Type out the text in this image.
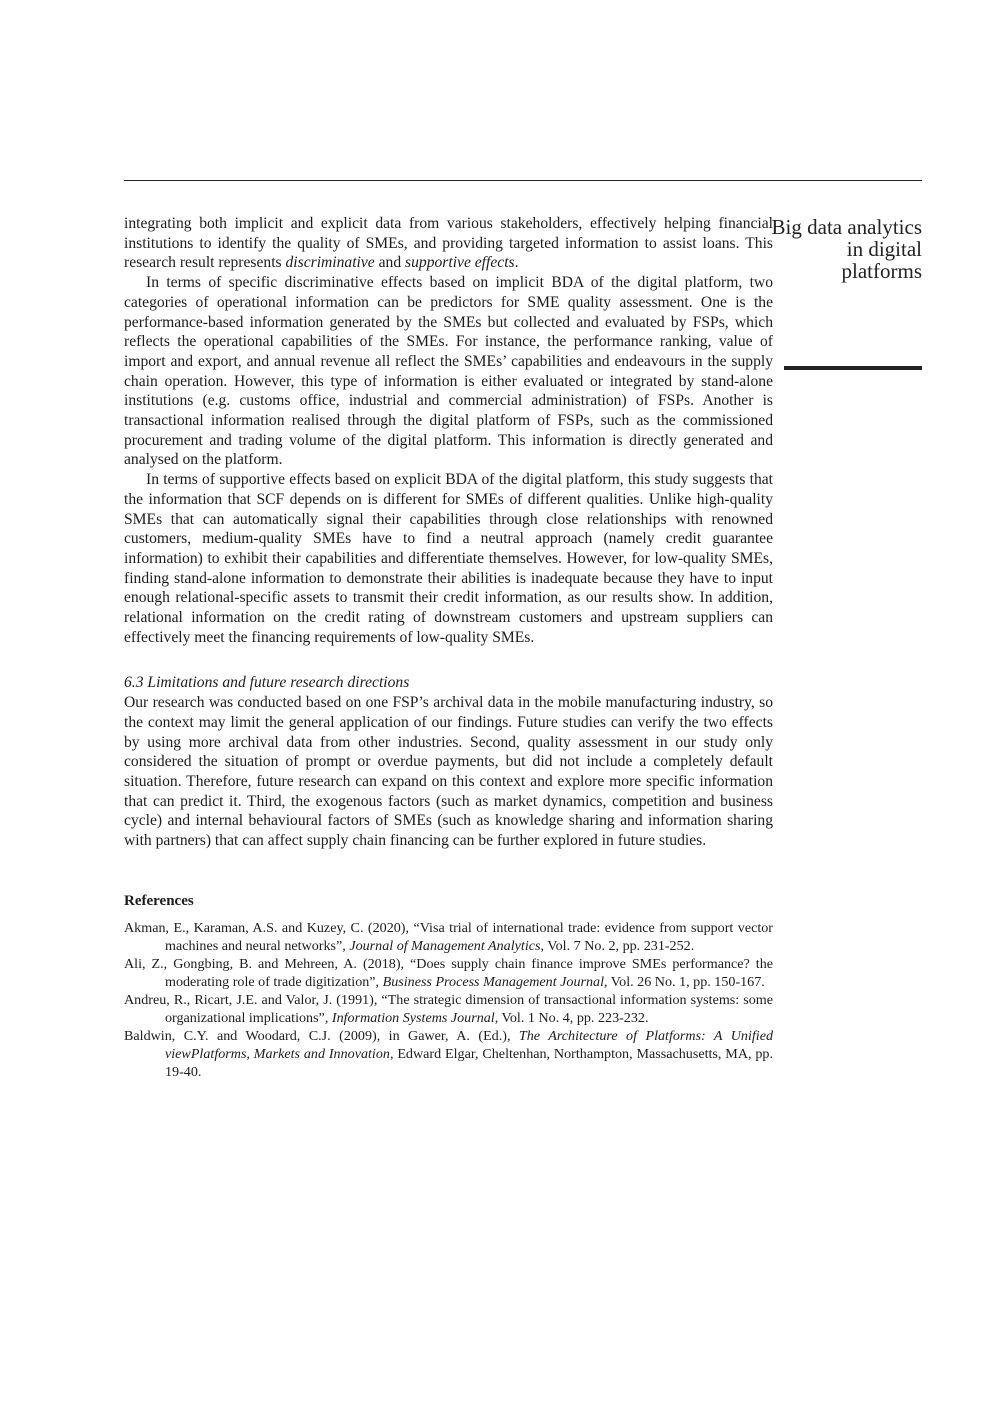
Big data analytics in digital platforms

integrating both implicit and explicit data from various stakeholders, effectively helping financial institutions to identify the quality of SMEs, and providing targeted information to assist loans. This research result represents discriminative and supportive effects.

In terms of specific discriminative effects based on implicit BDA of the digital platform, two categories of operational information can be predictors for SME quality assessment. One is the performance-based information generated by the SMEs but collected and evaluated by FSPs, which reflects the operational capabilities of the SMEs. For instance, the performance ranking, value of import and export, and annual revenue all reflect the SMEs’ capabilities and endeavours in the supply chain operation. However, this type of information is either evaluated or integrated by stand-alone institutions (e.g. customs office, industrial and commercial administration) of FSPs. Another is transactional information realised through the digital platform of FSPs, such as the commissioned procurement and trading volume of the digital platform. This information is directly generated and analysed on the platform.

In terms of supportive effects based on explicit BDA of the digital platform, this study suggests that the information that SCF depends on is different for SMEs of different qualities. Unlike high-quality SMEs that can automatically signal their capabilities through close relationships with renowned customers, medium-quality SMEs have to find a neutral approach (namely credit guarantee information) to exhibit their capabilities and differentiate themselves. However, for low-quality SMEs, finding stand-alone information to demonstrate their abilities is inadequate because they have to input enough relational-specific assets to transmit their credit information, as our results show. In addition, relational information on the credit rating of downstream customers and upstream suppliers can effectively meet the financing requirements of low-quality SMEs.

6.3 Limitations and future research directions

Our research was conducted based on one FSP’s archival data in the mobile manufacturing industry, so the context may limit the general application of our findings. Future studies can verify the two effects by using more archival data from other industries. Second, quality assessment in our study only considered the situation of prompt or overdue payments, but did not include a completely default situation. Therefore, future research can expand on this context and explore more specific information that can predict it. Third, the exogenous factors (such as market dynamics, competition and business cycle) and internal behavioural factors of SMEs (such as knowledge sharing and information sharing with partners) that can affect supply chain financing can be further explored in future studies.

References

Akman, E., Karaman, A.S. and Kuzey, C. (2020), “Visa trial of international trade: evidence from support vector machines and neural networks”, Journal of Management Analytics, Vol. 7 No. 2, pp. 231-252.

Ali, Z., Gongbing, B. and Mehreen, A. (2018), “Does supply chain finance improve SMEs performance? the moderating role of trade digitization”, Business Process Management Journal, Vol. 26 No. 1, pp. 150-167.

Andreu, R., Ricart, J.E. and Valor, J. (1991), “The strategic dimension of transactional information systems: some organizational implications”, Information Systems Journal, Vol. 1 No. 4, pp. 223-232.

Baldwin, C.Y. and Woodard, C.J. (2009), in Gawer, A. (Ed.), The Architecture of Platforms: A Unified viewPlatforms, Markets and Innovation, Edward Elgar, Cheltenhan, Northampton, Massachusetts, MA, pp. 19-40.
